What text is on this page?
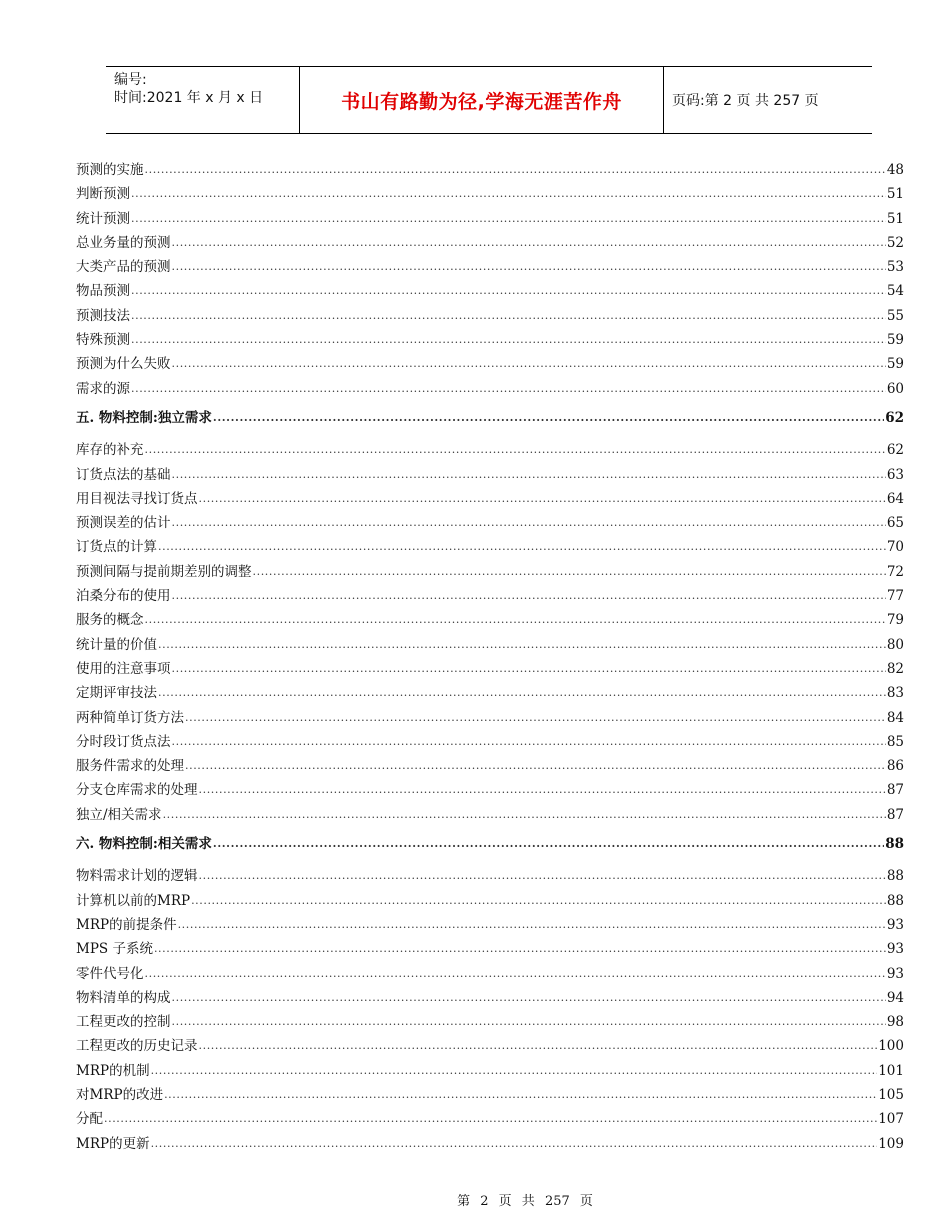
编号:
时间:2021 年 x 月 x 日	书山有路勤为径,学海无涯苦作舟	页码:第 2 页 共 257 页
预测的实施 .....	48
判断预测 .....	51
统计预测 .....	51
总业务量的预测 .....	52
大类产品的预测 .....	53
物品预测 .....	54
预测技法 .....	55
特殊预测 .....	59
预测为什么失败 .....	59
需求的源 .....	60
五. 物料控制:独立需求 .....	62
库存的补充 .....	62
订货点法的基础 .....	63
用目视法寻找订货点 .....	64
预测误差的估计 .....	65
订货点的计算 .....	70
预测间隔与提前期差别的调整 .....	72
泊桑分布的使用 .....	77
服务的概念 .....	79
统计量的价值 .....	80
使用的注意事项 .....	82
定期评审技法 .....	83
两种简单订货方法 .....	84
分时段订货点法 .....	85
服务件需求的处理 .....	86
分支仓库需求的处理 .....	87
独立/相关需求 .....	87
六. 物料控制:相关需求 .....	88
物料需求计划的逻辑 .....	88
计算机以前的MRP .....	88
MRP的前提条件 .....	93
MPS 子系统 .....	93
零件代号化 .....	93
物料清单的构成 .....	94
工程更改的控制 .....	98
工程更改的历史记录 .....	100
MRP的机制 .....	101
对MRP的改进 .....	105
分配 .....	107
MRP的更新 .....	109
第 2 页 共 257 页
